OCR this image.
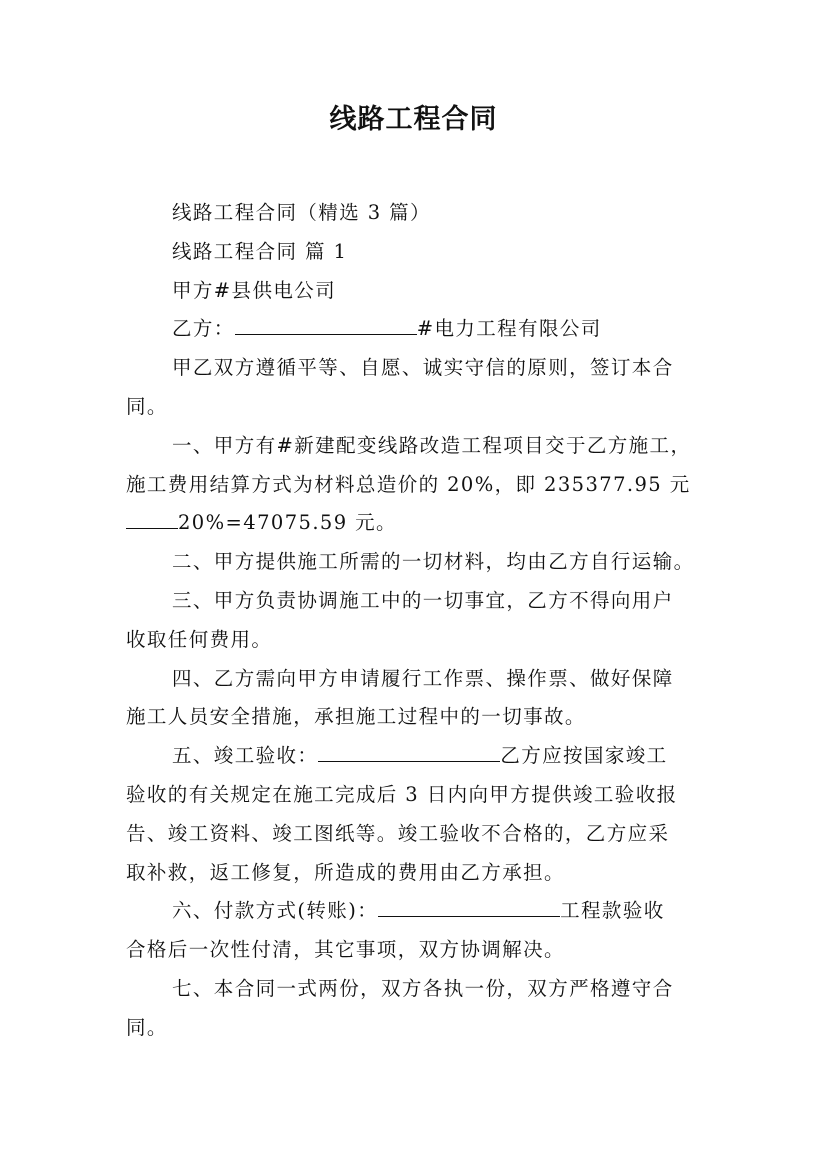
线路工程合同

线路工程合同（精选 3 篇）

线路工程合同 篇 1

甲方#县供电公司

乙方：	#电力工程有限公司

甲乙双方遵循平等、自愿、诚实守信的原则，签订本合

同。

一、甲方有#新建配变线路改造工程项目交于乙方施工，

施工费用结算方式为材料总造价的 20%，即 235377.95 元

20%=47075.59 元。

二、甲方提供施工所需的一切材料，均由乙方自行运输。

三、甲方负责协调施工中的一切事宜，乙方不得向用户

收取任何费用。

四、乙方需向甲方申请履行工作票、操作票、做好保障

施工人员安全措施，承担施工过程中的一切事故。

五、竣工验收：	乙方应按国家竣工

验收的有关规定在施工完成后 3 日内向甲方提供竣工验收报

告、竣工资料、竣工图纸等。竣工验收不合格的，乙方应采

取补救，返工修复，所造成的费用由乙方承担。

六、付款方式(转账)：	工程款验收

合格后一次性付清，其它事项，双方协调解决。

七、本合同一式两份，双方各执一份，双方严格遵守合

同。
